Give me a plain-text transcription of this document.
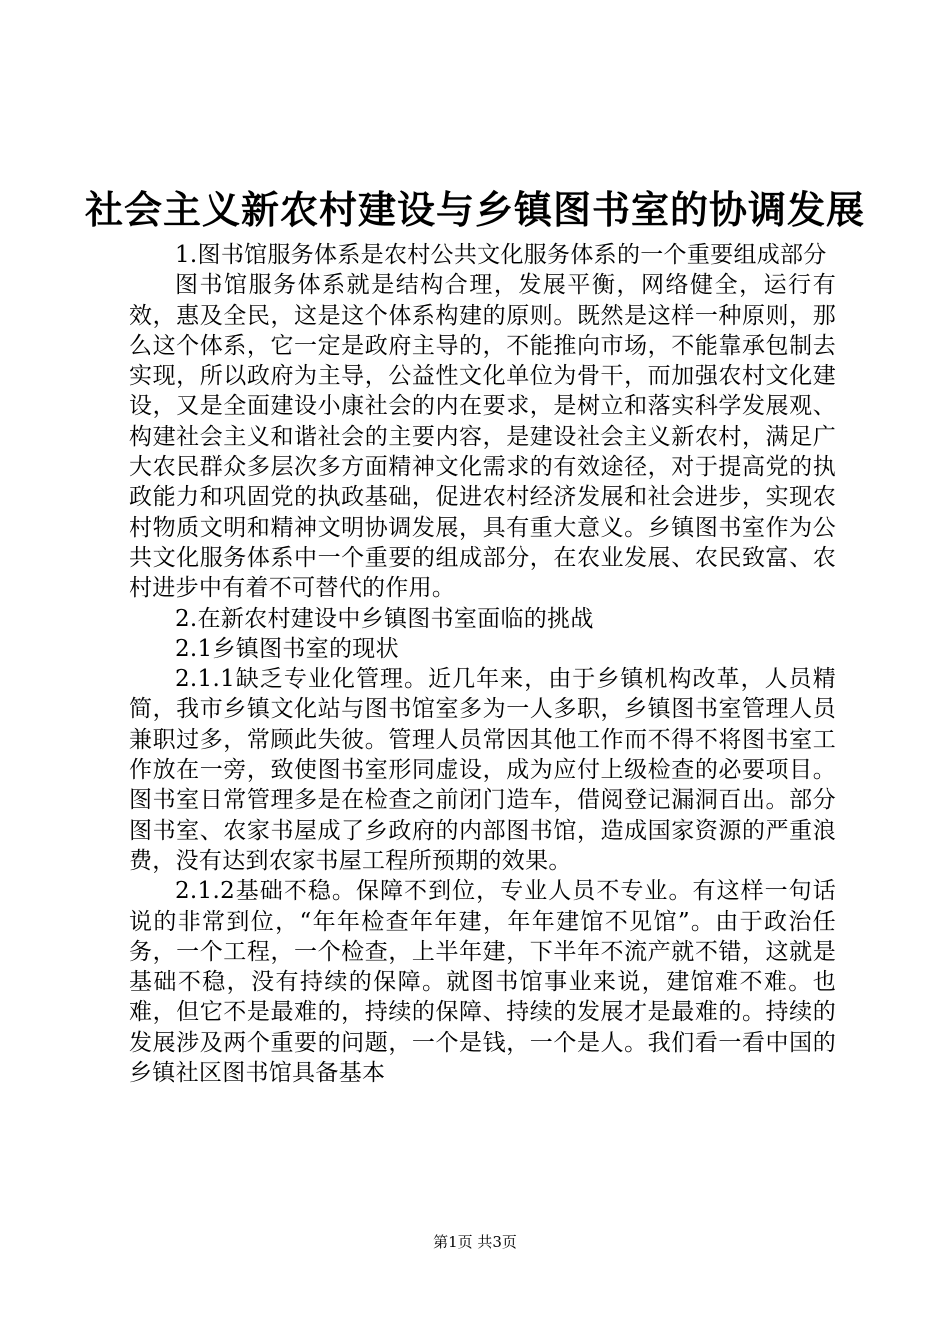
社会主义新农村建设与乡镇图书室的协调发展

1.图书馆服务体系是农村公共文化服务体系的一个重要组成部分

图书馆服务体系就是结构合理，发展平衡，网络健全，运行有效，惠及全民，这是这个体系构建的原则。既然是这样一种原则，那么这个体系，它一定是政府主导的，不能推向市场，不能靠承包制去实现，所以政府为主导，公益性文化单位为骨干，而加强农村文化建设，又是全面建设小康社会的内在要求，是树立和落实科学发展观、构建社会主义和谐社会的主要内容，是建设社会主义新农村，满足广大农民群众多层次多方面精神文化需求的有效途径，对于提高党的执政能力和巩固党的执政基础，促进农村经济发展和社会进步，实现农村物质文明和精神文明协调发展，具有重大意义。乡镇图书室作为公共文化服务体系中一个重要的组成部分，在农业发展、农民致富、农村进步中有着不可替代的作用。

2.在新农村建设中乡镇图书室面临的挑战

2.1乡镇图书室的现状

2.1.1缺乏专业化管理。近几年来，由于乡镇机构改革，人员精简，我市乡镇文化站与图书馆室多为一人多职，乡镇图书室管理人员兼职过多，常顾此失彼。管理人员常因其他工作而不得不将图书室工作放在一旁，致使图书室形同虚设，成为应付上级检查的必要项目。图书室日常管理多是在检查之前闭门造车，借阅登记漏洞百出。部分图书室、农家书屋成了乡政府的内部图书馆，造成国家资源的严重浪费，没有达到农家书屋工程所预期的效果。

2.1.2基础不稳。保障不到位，专业人员不专业。有这样一句话说的非常到位，“年年检查年年建，年年建馆不见馆”。由于政治任务，一个工程，一个检查，上半年建，下半年不流产就不错，这就是基础不稳，没有持续的保障。就图书馆事业来说，建馆难不难。也难，但它不是最难的，持续的保障、持续的发展才是最难的。持续的发展涉及两个重要的问题，一个是钱，一个是人。我们看一看中国的乡镇社区图书馆具备基本

第1页 共3页
